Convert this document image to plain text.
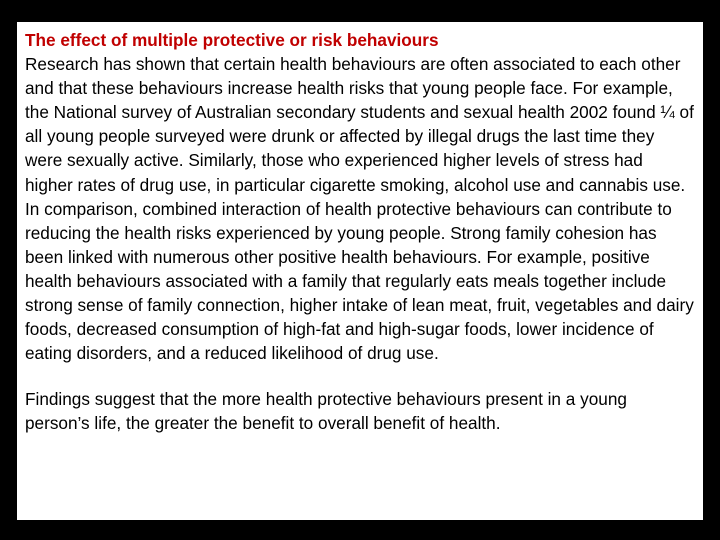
The effect of multiple protective or risk behaviours
Research has shown that certain health behaviours are often associated to each other and that these behaviours increase health risks that young people face. For example, the National survey of Australian secondary students and sexual health 2002 found ¼ of all young people surveyed were drunk or affected by illegal drugs the last time they were sexually active. Similarly, those who experienced higher levels of stress had higher rates of drug use, in particular cigarette smoking, alcohol use and cannabis use.
In comparison, combined interaction of health protective behaviours can contribute to reducing the health risks experienced by young people. Strong family cohesion has been linked with numerous other positive health behaviours. For example, positive health behaviours associated with a family that regularly eats meals together include strong sense of family connection, higher intake of lean meat, fruit, vegetables and dairy foods, decreased consumption of high-fat and high-sugar foods, lower incidence of eating disorders, and a reduced likelihood of drug use.
Findings suggest that the more health protective behaviours present in a young person’s life, the greater the benefit to overall benefit of health.
